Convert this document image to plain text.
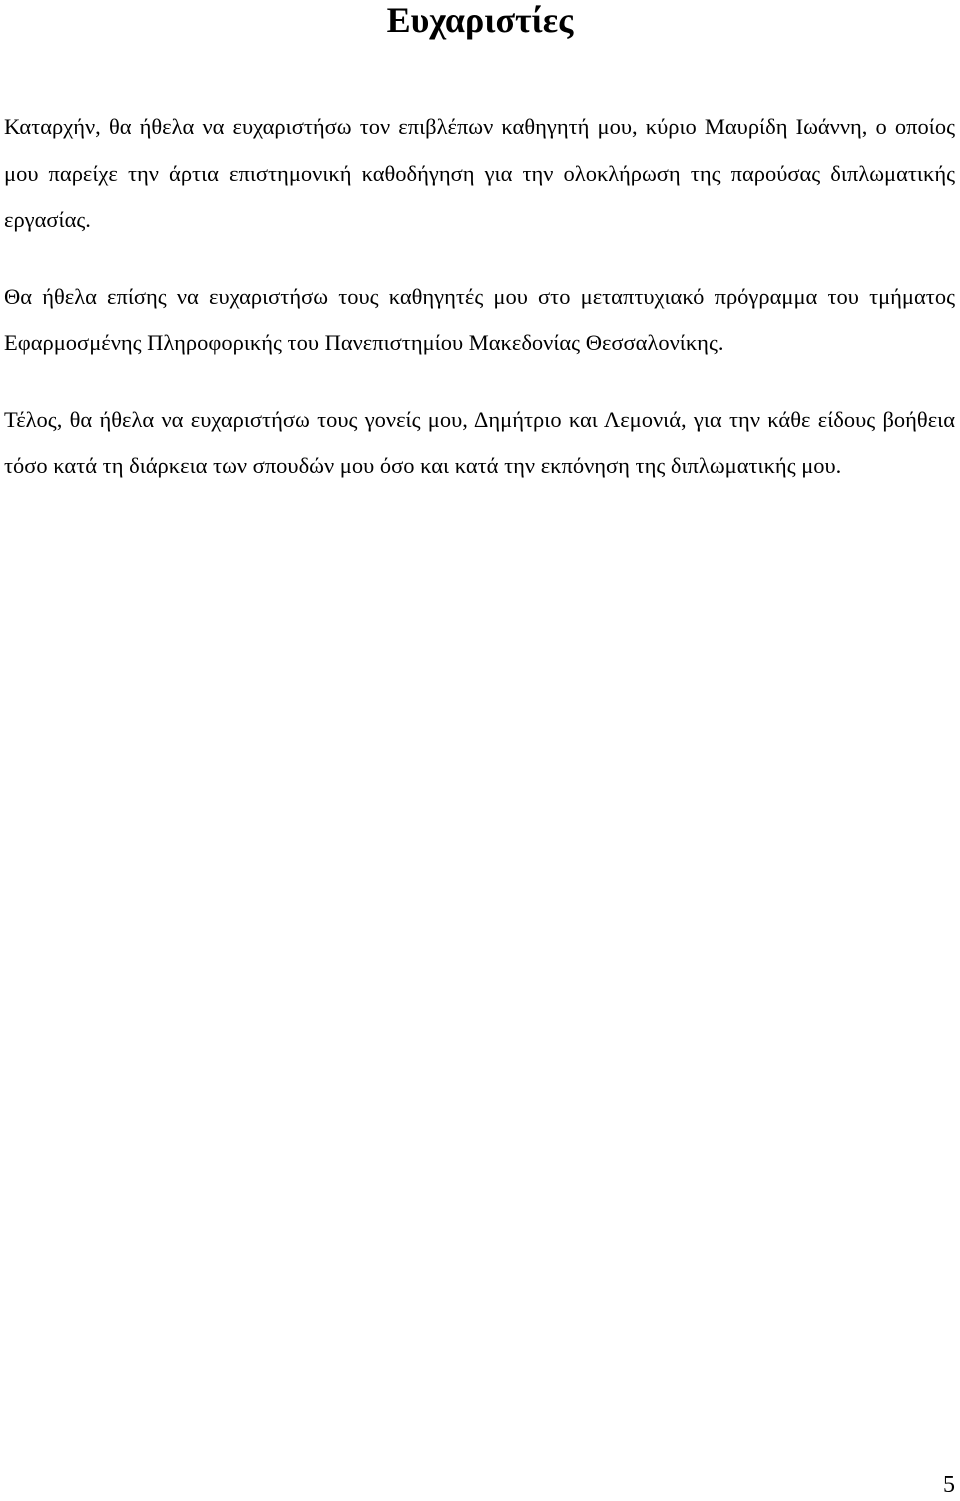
Ευχαριστίες

Καταρχήν, θα ήθελα να ευχαριστήσω τον επιβλέπων καθηγητή μου, κύριο Μαυρίδη Ιωάννη, ο οποίος μου παρείχε την άρτια επιστημονική καθοδήγηση για την ολοκλήρωση της παρούσας διπλωματικής εργασίας.

Θα ήθελα επίσης να ευχαριστήσω τους καθηγητές μου στο μεταπτυχιακό πρόγραμμα του τμήματος Εφαρμοσμένης Πληροφορικής του Πανεπιστημίου Μακεδονίας Θεσσαλονίκης.

Τέλος, θα ήθελα να ευχαριστήσω τους γονείς μου, Δημήτριο και Λεμονιά, για την κάθε είδους βοήθεια τόσο κατά τη διάρκεια των σπουδών μου όσο και κατά την εκπόνηση της διπλωματικής μου.

5
